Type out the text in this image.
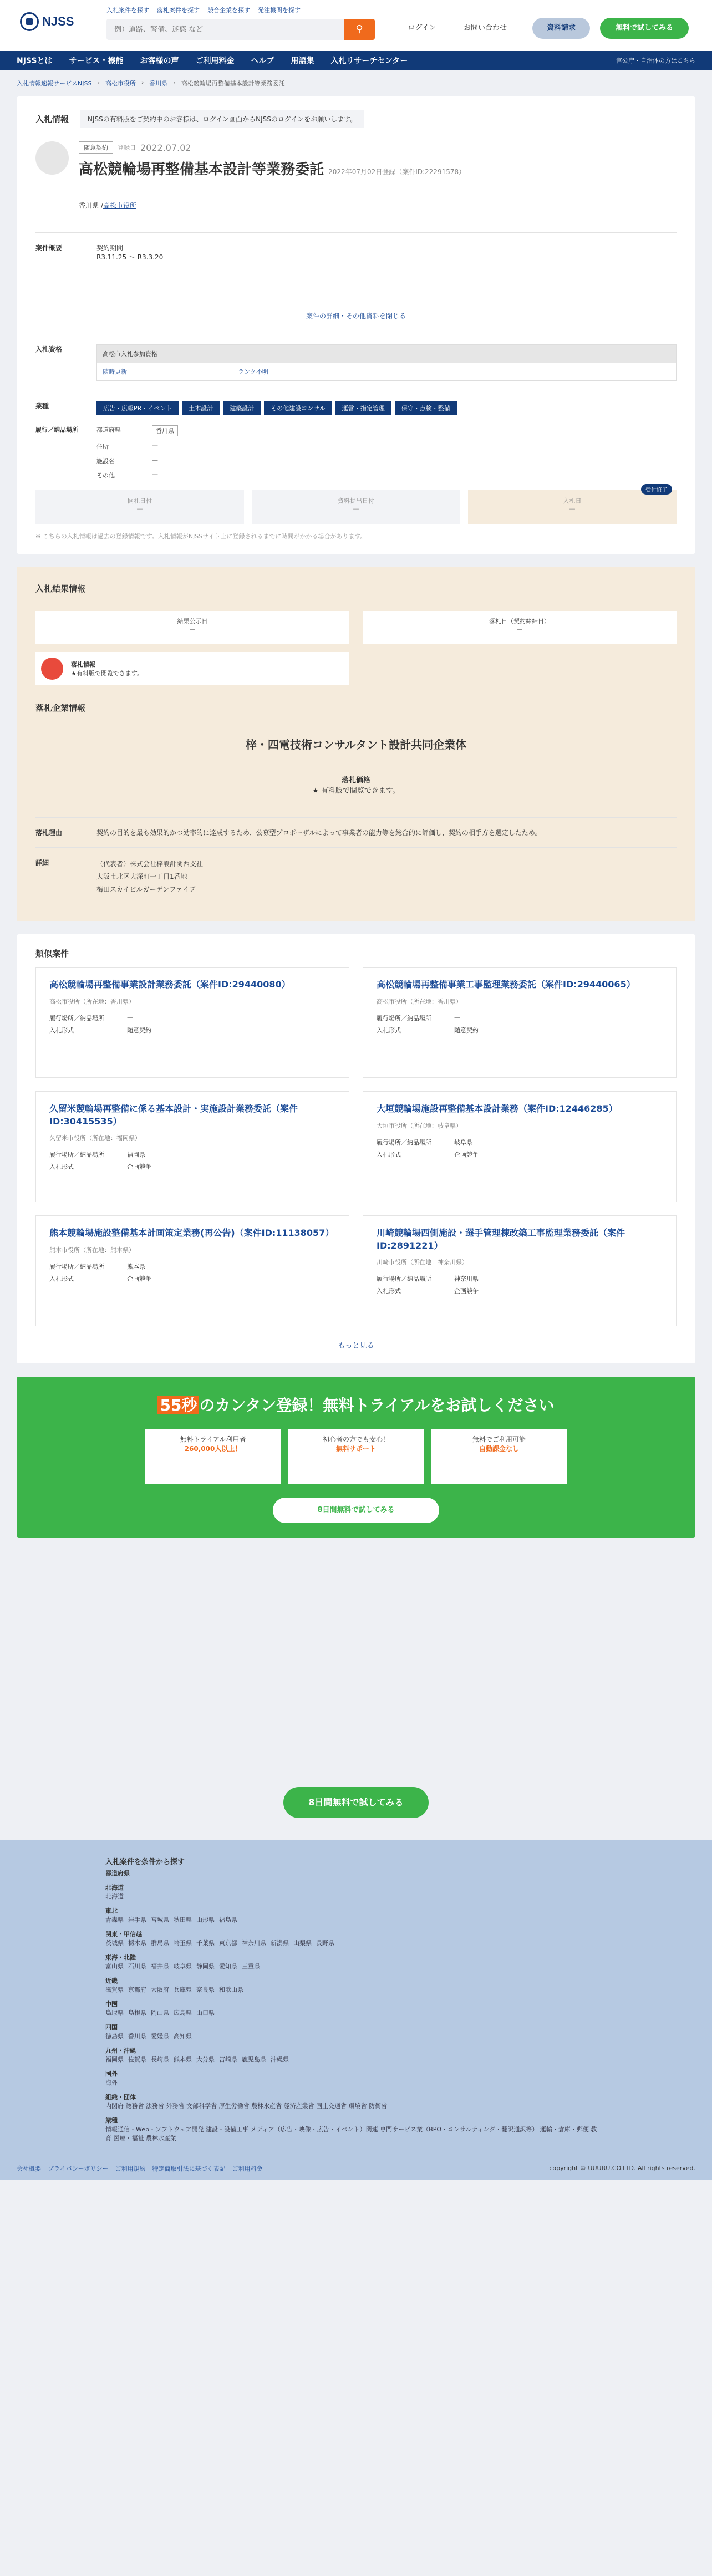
NJSS
入札案件を探す 落札案件を探す 競合企業を探す 発注機関を探す
例）道路、警備、迷惑 など
⚲	ログイン	お問い合わせ	資料請求	無料で試してみる
NJSSとは サービス・機能 お客様の声 ご利用料金 ヘルプ 用語集 入札リサーチセンター	官公庁・自治体の方はこちら
入札情報速報サービスNJSS › 高松市役所 › 香川県 › 高松競輪場再整備基本設計等業務委託
入札情報	NJSSの有料版をご契約中のお客様は、ログイン画面からNJSSのログインをお願いします。
随意契約	登録日 2022.07.02
高松競輪場再整備基本設計等業務委託 2022年07月02日登録（案件ID:22291578）
香川県 /高松市役所
案件概要	契約期間
R3.11.25 ～ R3.3.20
案件の詳細・その他資料を閉じる
入札資格
高松市入札参加資格
随時更新	ランク不明
業種	広告・広報PR・イベント	土木設計	建築設計	その他建設コンサル	運営・指定管理	保守・点検・整備
履行／納品場所	都道府県	香川県
住所	—
施設名	—
その他	—
開札日付
—
資料提出日付
—
入札日
—
受付終了

※ こちらの入札情報は過去の登録情報です。入札情報がNJSSサイト上に登録されるまでに時間がかかる場合があります。

入札結果情報
結果公示日
—
落札日（契約締結日）
—
落札情報
★有料版で閲覧できます。
落札企業情報
梓・四電技術コンサルタント設計共同企業体
落札価格
★ 有料版で閲覧できます。
落札理由	契約の目的を最も効果的かつ効率的に達成するため、公募型プロポーザルによって事業者の能力等を総合的に評価し、契約の相手方を選定したため。
詳細	（代表者）株式会社梓設計関西支社
大阪市北区大深町一丁目1番地
梅田スカイビルガーデンファイブ
類似案件
高松競輪場再整備事業設計業務委託（案件ID:29440080）
高松市役所（所在地：香川県）
履行場所／納品場所	—
入札形式	随意契約
高松競輪場再整備事業工事監理業務委託（案件ID:29440065）
高松市役所（所在地：香川県）
履行場所／納品場所	—
入札形式	随意契約
久留米競輪場再整備に係る基本設計・実施設計業務委託（案件ID:30415535）
久留米市役所（所在地：福岡県）
履行場所／納品場所	福岡県
入札形式	企画競争
大垣競輪場施設再整備基本設計業務（案件ID:12446285）
大垣市役所（所在地：岐阜県）
履行場所／納品場所	岐阜県
入札形式	企画競争
熊本競輪場施設整備基本計画策定業務(再公告)（案件ID:11138057）
熊本市役所（所在地：熊本県）
履行場所／納品場所	熊本県
入札形式	企画競争
川崎競輪場西側施設・選手管理棟改築工事監理業務委託（案件ID:2891221）
川崎市役所（所在地：神奈川県）
履行場所／納品場所	神奈川県
入札形式	企画競争
もっと見る
55秒 のカンタン登録！無料トライアルをお試しください
無料トライアル利用者
260,000人以上！
初心者の方でも安心！
無料サポート
無料でご利用可能
自動課金なし
8日間無料で試してみる
8日間無料で試してみる
入札案件を条件から探す
都道府県
北海道
北海道
東北
青森県 岩手県 宮城県 秋田県 山形県 福島県
関東・甲信越
茨城県 栃木県 群馬県 埼玉県 千葉県 東京都 神奈川県 新潟県 山梨県 長野県
東海・北陸
富山県 石川県 福井県 岐阜県 静岡県 愛知県 三重県
近畿
滋賀県 京都府 大阪府 兵庫県 奈良県 和歌山県
中国
鳥取県 島根県 岡山県 広島県 山口県
四国
徳島県 香川県 愛媛県 高知県
九州・沖縄
福岡県 佐賀県 長崎県 熊本県 大分県 宮崎県 鹿児島県 沖縄県
国外
海外
組織・団体
内閣府 総務省 法務省 外務省 文部科学省 厚生労働省 農林水産省 経済産業省 国土交通省 環境省 防衛省
業種
情報通信・Web・ソフトウェア開発 建設・設備工事 メディア（広告・映像・広告・イベント）関連 専門サービス業（BPO・コンサルティング・翻訳通訳等） 運輸・倉庫・郵便 教育 医療・福祉 農林水産業
会社概要 プライバシーポリシー ご利用規約 特定商取引法に基づく表記 ご利用料金	copyright © UUURU.CO.LTD. All rights reserved.
